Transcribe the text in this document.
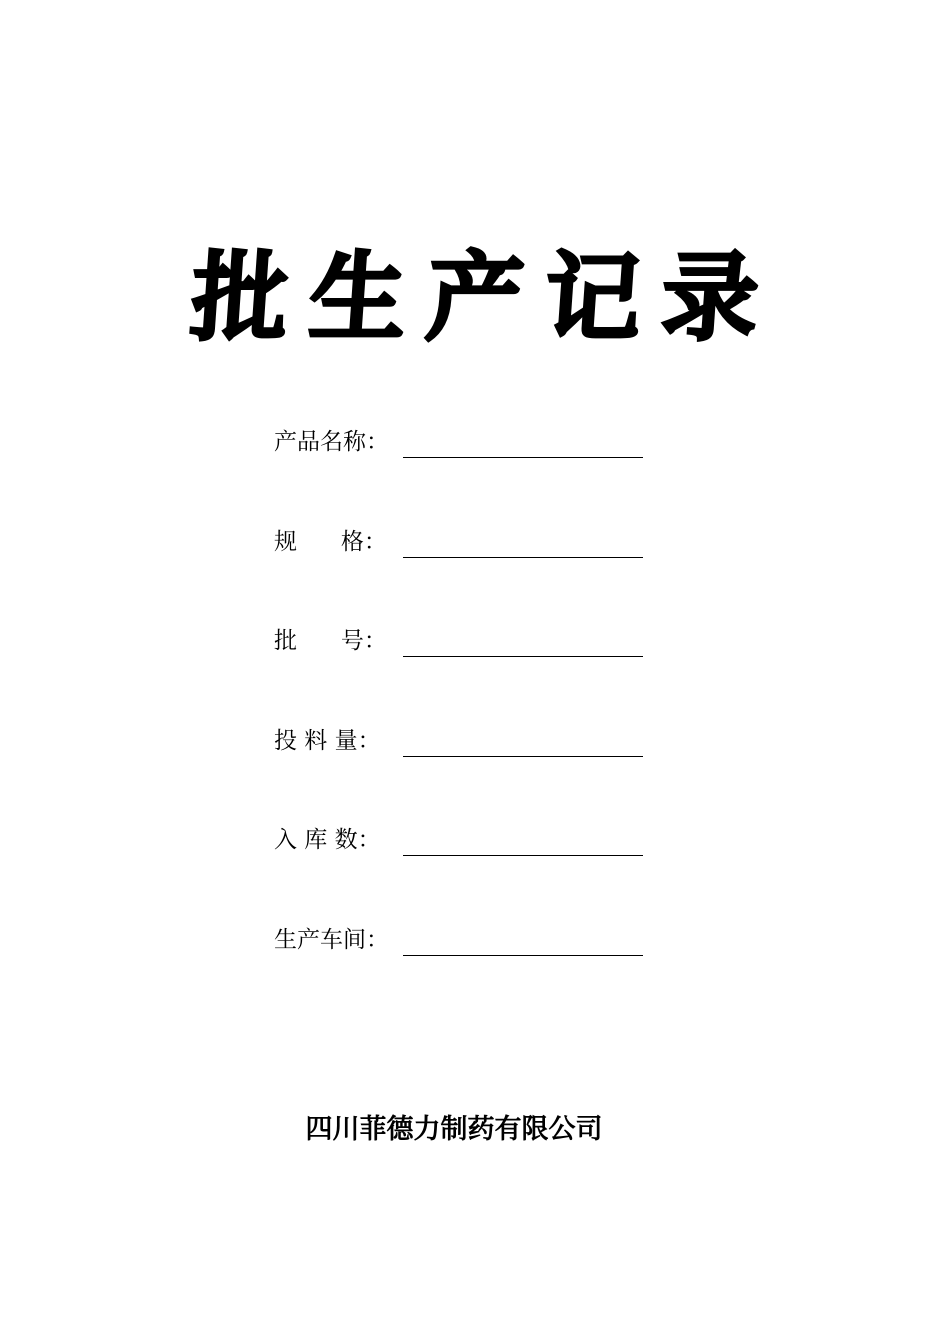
批 生 产 记 录
产品名称：
规      格：
批      号：
投 料 量：
入 库 数：
生产车间：
四川菲德力制药有限公司
